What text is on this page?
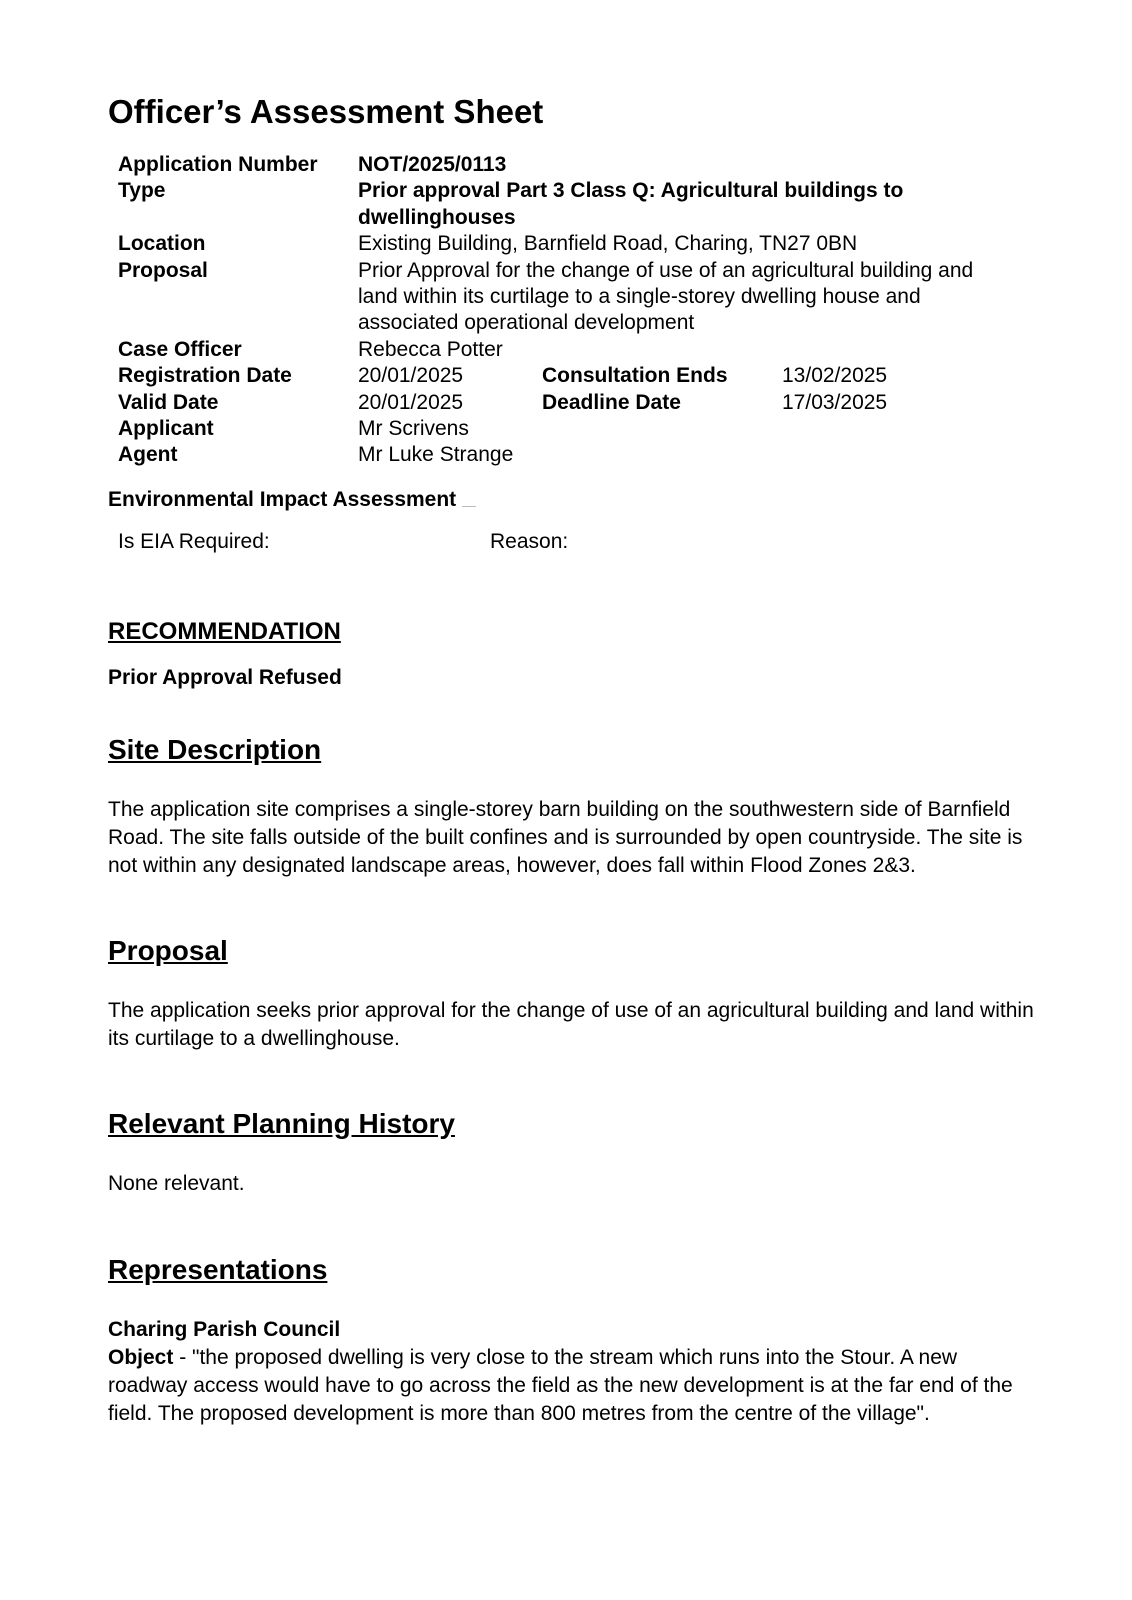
Officer’s Assessment Sheet
Application Number NOT/2025/0113
Type	Prior approval Part 3 Class Q: Agricultural buildings to dwellinghouses
Location	Existing Building, Barnfield Road, Charing, TN27 0BN
Proposal	Prior Approval for the change of use of an agricultural building and land within its curtilage to a single-storey dwelling house and associated operational development
Case Officer	Rebecca Potter
Registration Date	20/01/2025	Consultation Ends	13/02/2025
Valid Date	20/01/2025	Deadline Date	17/03/2025
Applicant	Mr Scrivens
Agent	Mr Luke Strange
Environmental Impact Assessment
Is EIA Required:	Reason:
RECOMMENDATION
Prior Approval Refused
Site Description

The application site comprises a single-storey barn building on the southwestern side of Barnfield Road. The site falls outside of the built confines and is surrounded by open countryside. The site is not within any designated landscape areas, however, does fall within Flood Zones 2&3.

Proposal

The application seeks prior approval for the change of use of an agricultural building and land within its curtilage to a dwellinghouse.

Relevant Planning History

None relevant.

Representations
Charing Parish Council

Object - "the proposed dwelling is very close to the stream which runs into the Stour. A new roadway access would have to go across the field as the new development is at the far end of the field. The proposed development is more than 800 metres from the centre of the village".
